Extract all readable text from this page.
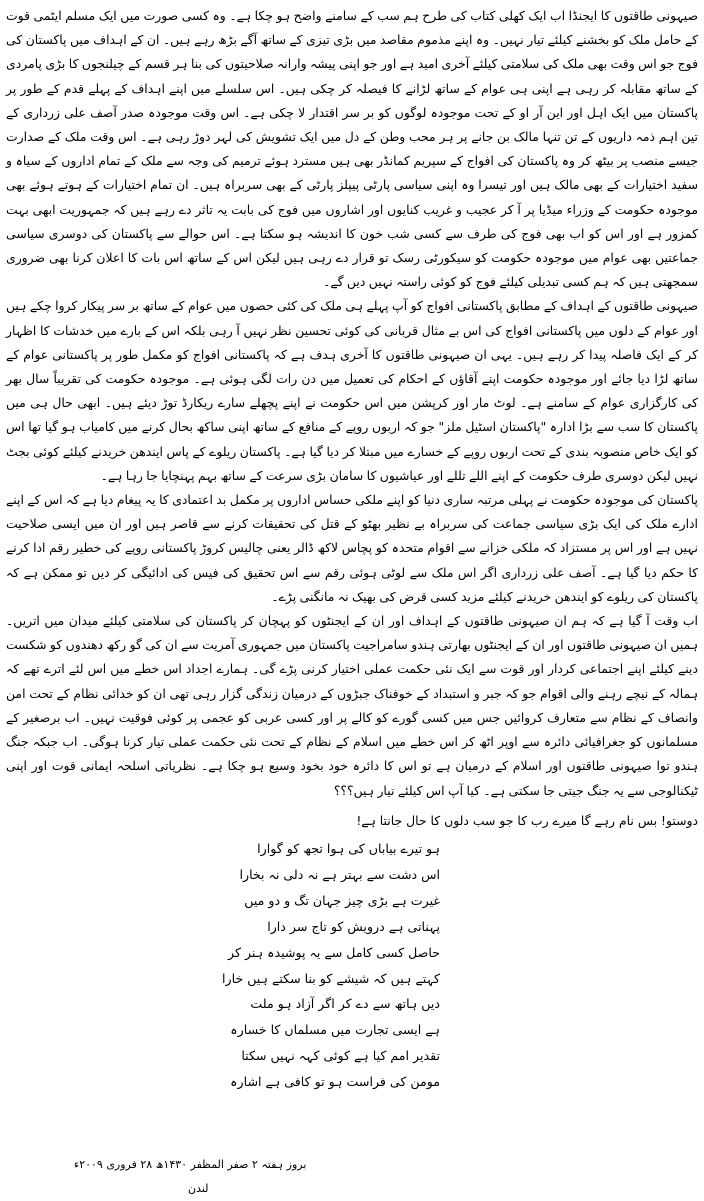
صیہونی طاقتوں کا ایجنڈا اب ایک کھلی کتاب کی طرح ہم سب کے سامنے واضح ہو چکا ہے۔ وہ کسی صورت میں ایک مسلم ایٹمی قوت کے حامل ملک کو بخشنے کیلئے تیار نہیں۔ وہ اپنے مذموم مقاصد میں بڑی تیزی کے ساتھ آگے بڑھ رہے ہیں۔ ان کے اہداف میں پاکستان کی فوج جو اس وقت بھی ملک کی سلامتی کیلئے آخری امید ہے اور جو اپنی پیشہ وارانہ صلاحیتوں کی بنا ہر قسم کے چیلنجوں کا بڑی پامردی کے ساتھ مقابلہ کر رہی ہے اپنی ہی عوام کے ساتھ لڑانے کا فیصلہ کر چکی ہیں۔ اس سلسلے میں اپنے اہداف کے پہلے قدم کے طور پر پاکستان میں ایک اہل اور این آر او کے تحت موجودہ لوگوں کو بر سر اقتدار لا چکی ہے۔ اس وقت موجودہ صدر آصف علی زرداری کے تین اہم ذمہ داریوں کے تن تنہا مالک بن جانے پر ہر محب وطن کے دل میں ایک تشویش کی لہر دوڑ رہی ہے۔ اس وقت ملک کے صدارت جیسے منصب پر بیٹھ کر وہ پاکستان کی افواج کے سپریم کمانڈر بھی ہیں مسترد ہوئے ترمیم کی وجہ سے ملک کے تمام اداروں کے سیاہ و سفید اختیارات کے بھی مالک ہیں اور تیسرا وہ اپنی سیاسی پارٹی پیپلز پارٹی کے بھی سربراہ ہیں۔ ان تمام اختیارات کے ہوتے ہوئے بھی موجودہ حکومت کے وزراء میڈیا پر آ کر عجیب و غریب کنایوں اور اشاروں میں فوج کی بابت یہ تاثر دے رہے ہیں کہ جمہوریت ابھی بہت کمزور ہے اور اس کو اب بھی فوج کی طرف سے کسی شب خون کا اندیشہ ہو سکتا ہے۔ اس حوالے سے پاکستان کی دوسری سیاسی جماعتیں بھی عوام میں موجودہ حکومت کو سیکورٹی رسک تو قرار دے رہی ہیں لیکن اس کے ساتھ اس بات کا اعلان کرنا بھی ضروری سمجھتی ہیں کہ ہم کسی تبدیلی کیلئے فوج کو کوئی راستہ نہیں دیں گے۔

صیہونی طاقتوں کے اہداف کے مطابق پاکستانی افواج کو آپ پہلے ہی ملک کی کئی حصوں میں عوام کے ساتھ بر سر پیکار کروا چکے ہیں اور عوام کے دلوں میں پاکستانی افواج کی اس بے مثال قربانی کی کوئی تحسین نظر نہیں آ رہی بلکہ اس کے بارے میں خدشات کا اظہار کر کے ایک فاصلہ پیدا کر رہے ہیں۔ یہی ان صیہونی طاقتوں کا آخری ہدف ہے کہ پاکستانی افواج کو مکمل طور پر پاکستانی عوام کے ساتھ لڑا دیا جائے اور موجودہ حکومت اپنے آقاؤں کے احکام کی تعمیل میں دن رات لگی ہوئی ہے۔ موجودہ حکومت کی تقریباً سال بھر کی کارگزاری عوام کے سامنے ہے۔ لوٹ مار اور کرپشن میں اس حکومت نے اپنے پچھلے سارے ریکارڈ توڑ دیئے ہیں۔ ابھی حال ہی میں پاکستان کا سب سے بڑا ادارہ "پاکستان اسٹیل ملز" جو کہ اربوں روپے کے منافع کے ساتھ اپنی ساکھ بحال کرنے میں کامیاب ہو گیا تھا اس کو ایک خاص منصوبہ بندی کے تحت اربوں روپے کے خسارے میں مبتلا کر دیا گیا ہے۔ پاکستان ریلوے کے پاس ایندھن خریدنے کیلئے کوئی بجٹ نہیں لیکن دوسری طرف حکومت کے اپنے اللے تللے اور عیاشیوں کا سامان بڑی سرعت کے ساتھ بہم پہنچایا جا رہا ہے۔

پاکستان کی موجودہ حکومت نے پہلی مرتبہ ساری دنیا کو اپنے ملکی حساس اداروں پر مکمل بد اعتمادی کا یہ پیغام دیا ہے کہ اس کے اپنے ادارے ملک کی ایک بڑی سیاسی جماعت کی سربراہ بے نظیر بھٹو کے قتل کی تحقیقات کرنے سے قاصر ہیں اور ان میں ایسی صلاحیت نہیں ہے اور اس پر مستزاد کہ ملکی خزانے سے اقوام متحدہ کو پچاس لاکھ ڈالر یعنی چالیس کروڑ پاکستانی روپے کی خطیر رقم ادا کرنے کا حکم دیا گیا ہے۔ آصف علی زرداری اگر اس ملک سے لوٹی ہوئی رقم سے اس تحقیق کی فیس کی ادائیگی کر دیں تو ممکن ہے کہ پاکستان کی ریلوے کو ایندھن خریدنے کیلئے مزید کسی قرض کی بھیک نہ مانگنی پڑے۔

اب وقت آ گیا ہے کہ ہم ان صیہونی طاقتوں کے اہداف اور ان کے ایجنٹوں کو پہچان کر پاکستان کی سلامتی کیلئے میدان میں اتریں۔ ہمیں ان صیہونی طاقتوں اور ان کے ایجنٹوں بھارتی ہندو سامراجیت پاکستان میں جمہوری آمریت سے ان کی گو رکھ دھندوں کو شکست دینے کیلئے اپنے اجتماعی کردار اور قوت سے ایک نئی حکمت عملی اختیار کرنی پڑے گی۔ ہمارے اجداد اس خطے میں اس لئے اترے تھے کہ ہمالہ کے نیچے رہنے والی اقوام جو کہ جبر و استبداد کے خوفناک جبڑوں کے درمیان زندگی گزار رہی تھی ان کو خدائی نظام کے تحت امن وانصاف کے نظام سے متعارف کروائیں جس میں کسی گورے کو کالے پر اور کسی عربی کو عجمی پر کوئی فوقیت نہیں۔ اب برصغیر کے مسلمانوں کو جغرافیائی دائرہ سے اوپر اٹھ کر اس خطے میں اسلام کے نظام کے تحت نئی حکمت عملی تیار کرنا ہوگی۔ اب جبکہ جنگ ہندو توا صیہونی طاقتوں اور اسلام کے درمیان ہے تو اس کا دائرہ خود بخود وسیع ہو چکا ہے۔ نظریاتی اسلحہ ایمانی قوت اور اپنی ٹیکنالوجی سے یہ جنگ جیتی جا سکتی ہے۔ کیا آپ اس کیلئے تیار ہیں؟؟؟

دوستو! بس نام رہے گا میرے رب کا جو سب دلوں کا حال جانتا ہے!

ہو تیرے بیاباں کی ہوا تجھ کو گوارا

اس دشت سے بہتر ہے نہ دلی نہ بخارا

غیرت ہے بڑی چیز جہان تگ و دو میں

پہناتی ہے درویش کو تاج سر دارا

حاصل کسی کامل سے یہ پوشیدہ ہنر کر

کہتے ہیں کہ شیشے کو بنا سکتے ہیں خارا

دیں ہاتھ سے دے کر اگر آزاد ہو ملت

ہے ایسی تجارت میں مسلماں کا خسارہ

تقدیر امم کیا ہے کوئی کہہ نہیں سکتا

مومن کی فراست ہو تو کافی ہے اشارہ

بروز ہفتہ ۲ صفر المظفر ۱۴۳۰ھ ۲۸ فروری ۲۰۰۹ء
لندن
